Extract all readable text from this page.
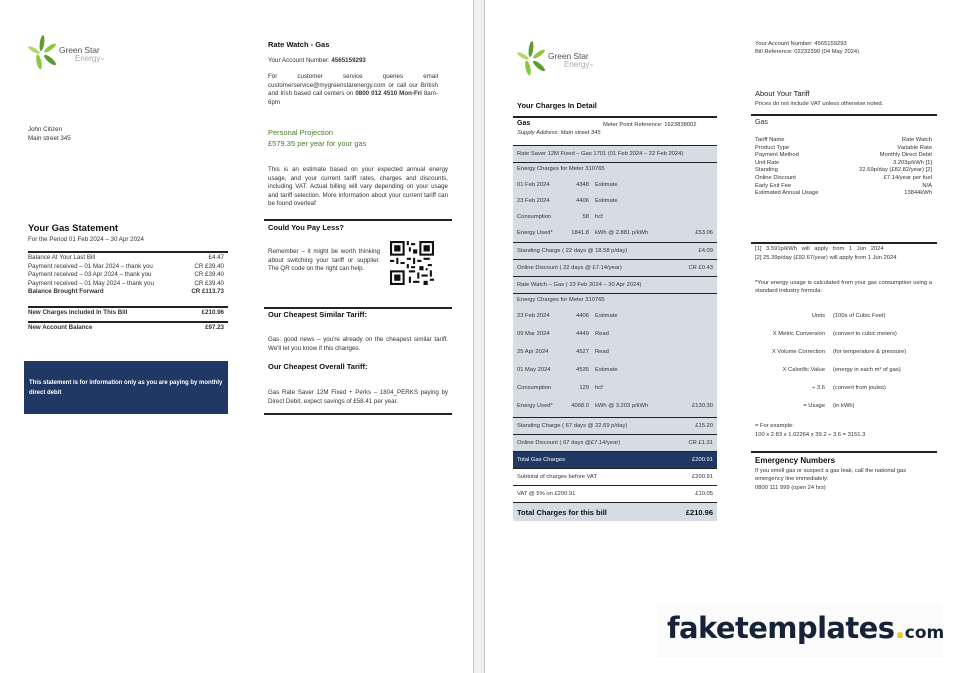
Green Star
Energy™
John Citizen
Main street 345
Your Gas Statement
For the Period 01 Feb 2024 – 30 Apr 2024
Balance At Your Last Bill	£4.47
Payment received – 01 Mar 2024 – thank you	CR £39.40
Payment received – 03 Apr 2024 – thank you	CR £39.40
Payment received – 01 May 2024 – thank you	CR £39.40
Balance Brought Forward	CR £113.73
New Charges Included In This Bill	£210.96
New Account Balance	£97.23
This statement is for information only as you are paying by monthly direct debit
Rate Watch - Gas
Your Account Number: 4565159293
For customer service queries email customerservice@mygreenstarenergy.com or call our British and Irish based call centers on 0800 012 4510 Mon-Fri 8am- 6pm
Personal Projection
£579.35 per year for your gas
This is an estimate based on your expected annual energy usage, and your current tariff rates, charges and discounts, including VAT. Actual billing will vary depending on your usage and tariff selection. More information about your current tariff can be found overleaf
Could You Pay Less?
Remember – it might be worth thinking about switching your tariff or supplier. The QR code on the right can help.
Our Cheapest Similar Tariff:
Gas: good news – you're already on the cheapest similar tariff. We'll let you know if this changes.
Our Cheapest Overall Tariff:
Gas Rate Saver 12M Fixed + Perks – 1804_PERKS paying by Direct Debit, expect savings of £58.41 per year.
Green Star
Energy™
Your Charges In Detail
Gas	Meter Point Reference: 1623838002
Supply Address: Main street 345
Rate Saver 12M Fixed – Gas 1701 (01 Feb 2024 – 22 Feb 2024)
Energy Charges for Meter 310765
01 Feb 2024	4348	Estimate
23 Feb 2024	4406	Estimate
Consumption	58	hcf
Energy Used*	1841.8	kWh @ 2.881 p/kWh	£53.06
Standing Charge ( 22 days @ 18.58 p/day)	£4.09
Online Discount ( 22 days @ £7.14/year)	CR £0.43
Rate Watch – Gas ( 23 Feb 2024 – 30 Apr 2024)
Energy Charges for Meter 310765
23 Feb 2024	4406	Estimate
09 Mar 2024	4449	Read
25 Apr 2024	4527	Read
01 May 2024	4535	Estimate
Consumption	129	hcf
Energy Used*	4068.0	kWh @ 3.203 p/kWh	£130.30
Standing Charge ( 67 days @ 22.69 p/day)	£15.20
Online Discount ( 67 days @£7.14/year)	CR £1.31
Total Gas Charges	£200.91
Subtotal of charges before VAT	£200.91
VAT @ 5% on £200.91	£10.05
Total Charges for this bill	£210.96
Your Account Number: 4565159293
Bill Reference: 02232390 (04 May 2024)
About Your Tariff
Prices do not include VAT unless otherwise noted.
Gas
Tariff Name	Rate Watch
Product Type	Variable Rate
Payment Method	Monthly Direct Debit
Unit Rate	3.203p/kWh [1]
Standing	22.69p/day (£82.82/year) [2]
Online Discount	£7.14/year per fuel
Early Exit Fee	N/A
Estimated Annual Usage	13844kWh
[1] 3.591p/kWh will apply from 1 Jun 2024
[2] 25.39p/day (£92.67/year) will apply from 1 Jun 2024
*Your energy usage is calculated from your gas consumption using a standard industry formula:
Units	(100s of Cubic Feet)
X Metric Conversion	(convert to cubic meters)
X Volume Correction	(for temperature & pressure)
X Calorific Value	(energy in each m³ of gas)
÷ 3.6	(convert from joules)
= Usage	(in kWh)
= For example:
100 x 2.83 x 1.02264 x 39.2 ÷ 3.6 = 3151.3
Emergency Numbers
If you smell gas or suspect a gas leak, call the national gas emergency line immediately:
0800 111 999 (open 24 hrs)
faketemplates.com
